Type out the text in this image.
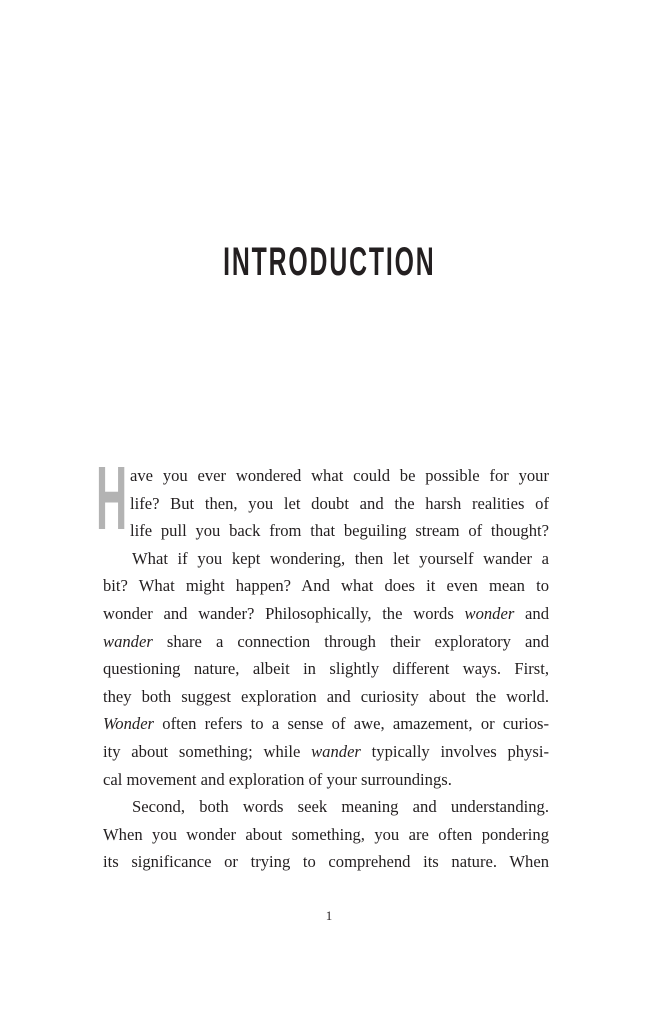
INTRODUCTION
H ave you ever wondered what could be possible for your
life? But then, you let doubt and the harsh realities of
life pull you back from that beguiling stream of thought?
What if you kept wondering, then let yourself wander a
bit? What might happen? And what does it even mean to
wonder and wander? Philosophically, the words wonder and
wander share a connection through their exploratory and
questioning nature, albeit in slightly different ways. First,
they both suggest exploration and curiosity about the world.
Wonder often refers to a sense of awe, amazement, or curios-
ity about something; while wander typically involves physi-
cal movement and exploration of your surroundings.
Second, both words seek meaning and understanding.
When you wonder about something, you are often pondering
its significance or trying to comprehend its nature. When
1
